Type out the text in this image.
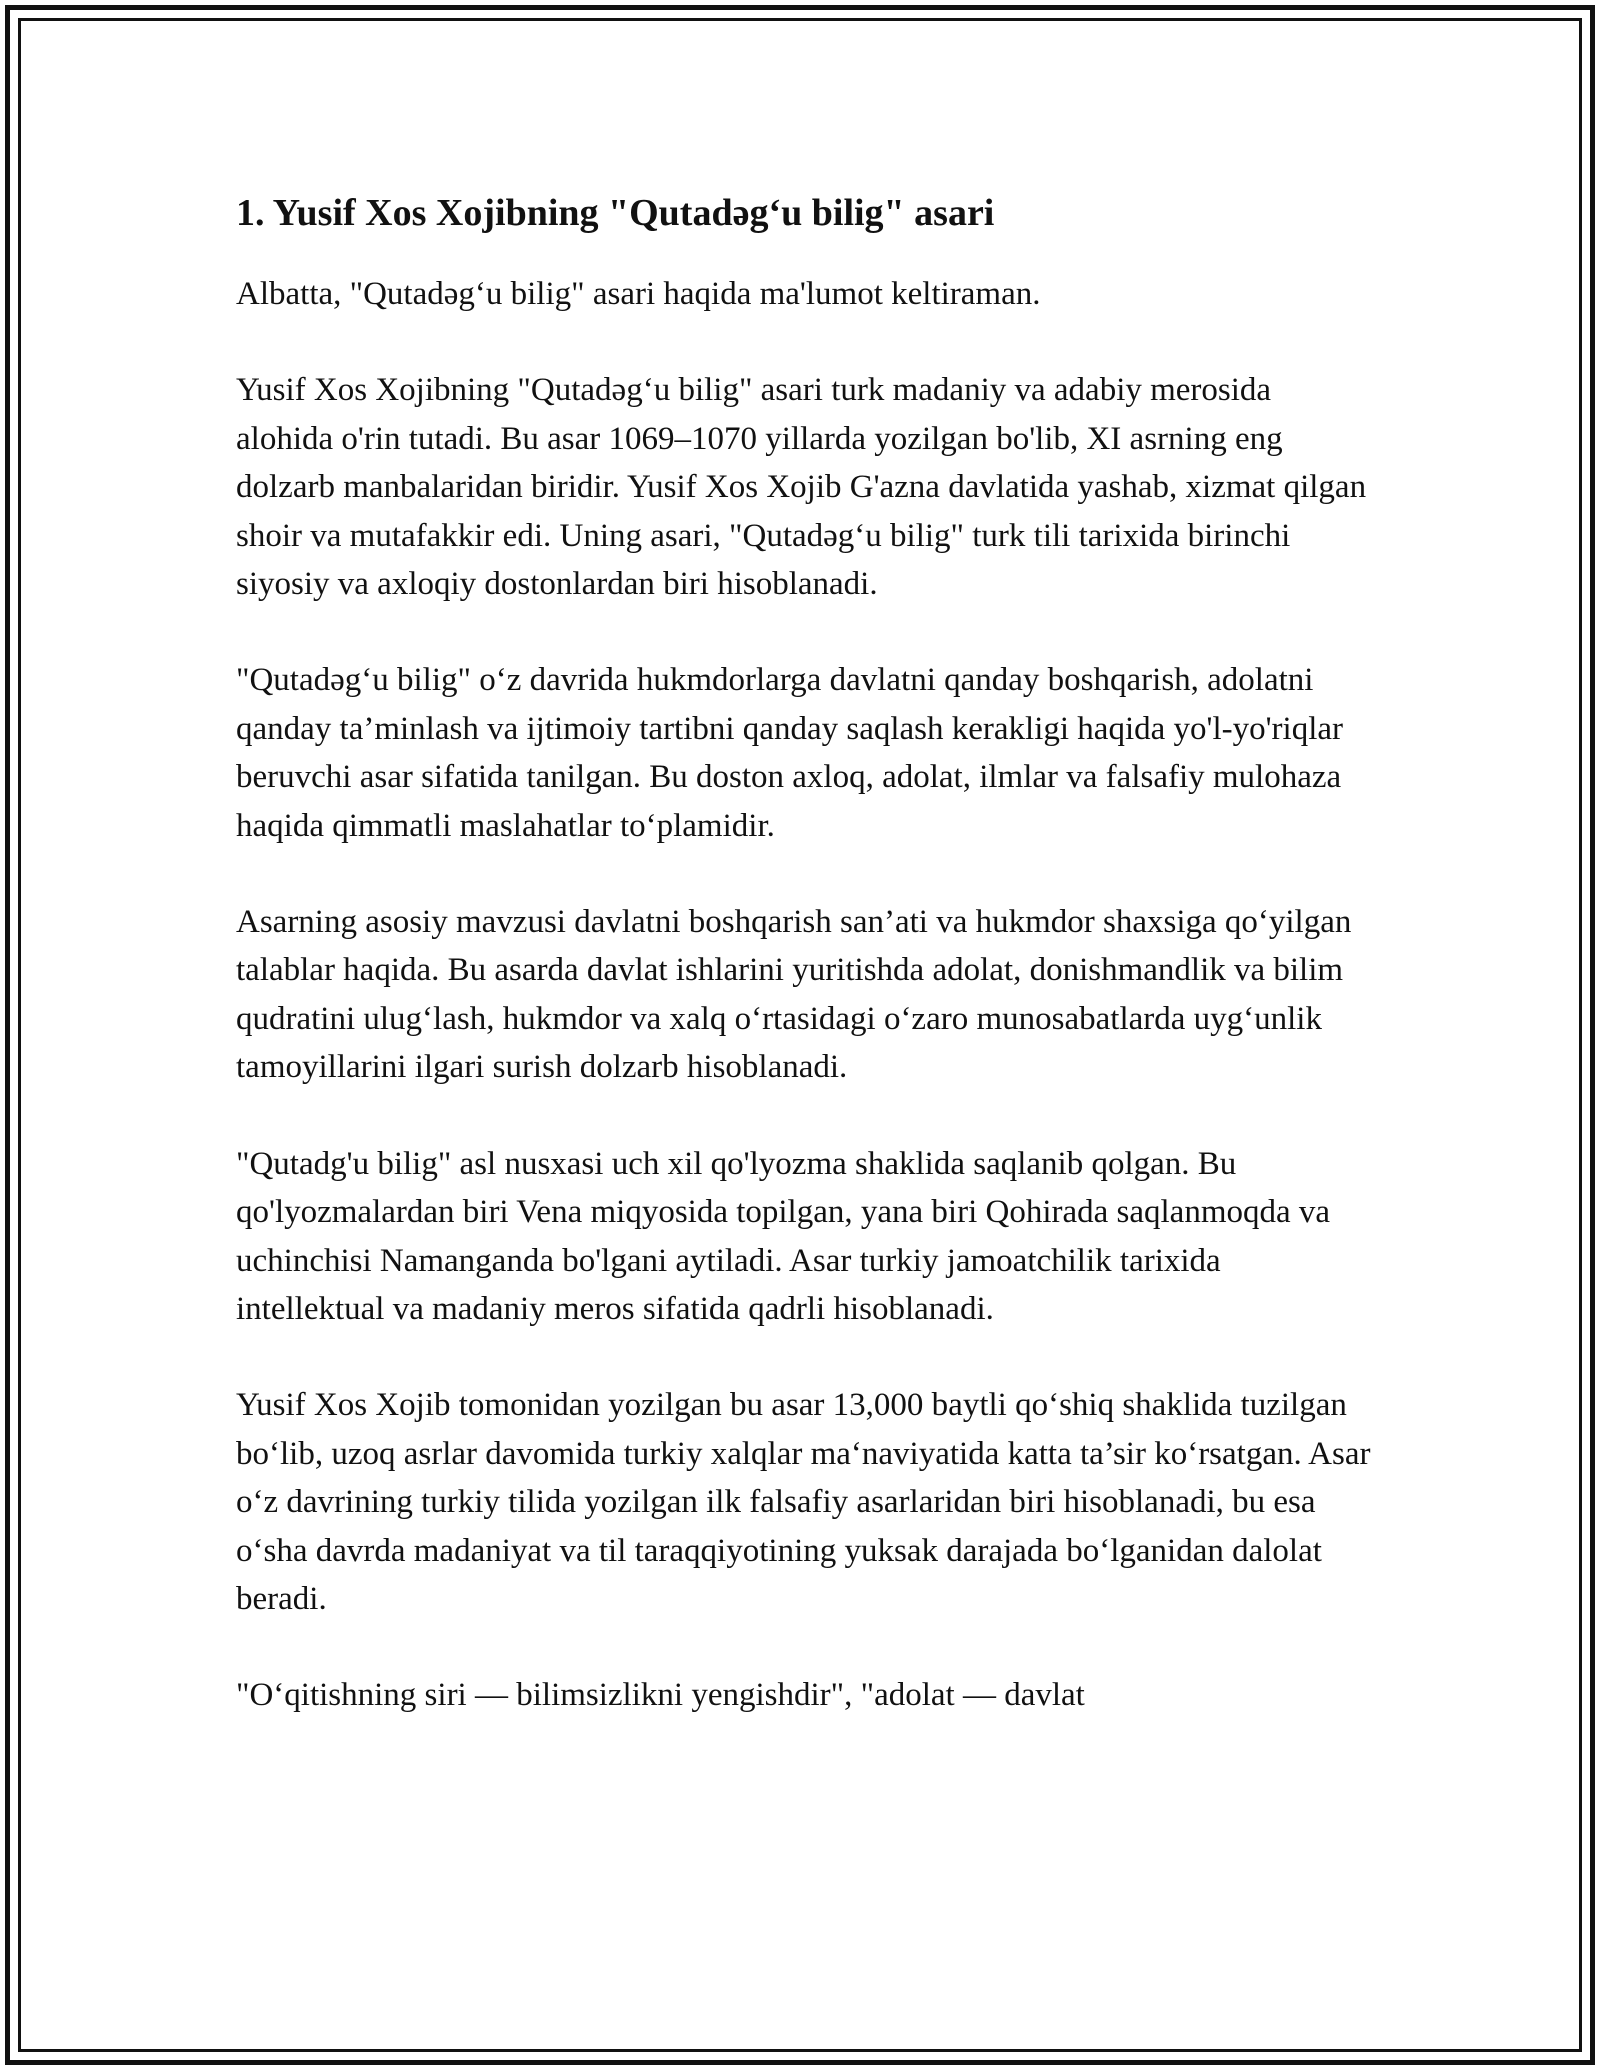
1. Yusif Xos Xojibning "Qutadəg‘u bilig" asari

Albatta, "Qutadəg‘u bilig" asari haqida ma'lumot keltiraman.

Yusif Xos Xojibning "Qutadəg‘u bilig" asari turk madaniy va adabiy merosida alohida o'rin tutadi. Bu asar 1069–1070 yillarda yozilgan bo'lib, XI asrning eng dolzarb manbalaridan biridir. Yusif Xos Xojib G'azna davlatida yashab, xizmat qilgan shoir va mutafakkir edi. Uning asari, "Qutadəg‘u bilig" turk tili tarixida birinchi siyosiy va axloqiy dostonlardan biri hisoblanadi.

"Qutadəg‘u bilig" o‘z davrida hukmdorlarga davlatni qanday boshqarish, adolatni qanday ta’minlash va ijtimoiy tartibni qanday saqlash kerakligi haqida yo'l-yo'riqlar beruvchi asar sifatida tanilgan. Bu doston axloq, adolat, ilmlar va falsafiy mulohaza haqida qimmatli maslahatlar to‘plamidir.

Asarning asosiy mavzusi davlatni boshqarish san’ati va hukmdor shaxsiga qo‘yilgan talablar haqida. Bu asarda davlat ishlarini yuritishda adolat, donishmandlik va bilim qudratini ulug‘lash, hukmdor va xalq o‘rtasidagi o‘zaro munosabatlarda uyg‘unlik tamoyillarini ilgari surish dolzarb hisoblanadi.

"Qutadg'u bilig" asl nusxasi uch xil qo'lyozma shaklida saqlanib qolgan. Bu qo'lyozmalardan biri Vena miqyosida topilgan, yana biri Qohirada saqlanmoqda va uchinchisi Namanganda bo'lgani aytiladi. Asar turkiy jamoatchilik tarixida intellektual va madaniy meros sifatida qadrli hisoblanadi.

Yusif Xos Xojib tomonidan yozilgan bu asar 13,000 baytli qo‘shiq shaklida tuzilgan bo‘lib, uzoq asrlar davomida turkiy xalqlar ma‘naviyatida katta ta’sir ko‘rsatgan. Asar o‘z davrining turkiy tilida yozilgan ilk falsafiy asarlaridan biri hisoblanadi, bu esa o‘sha davrda madaniyat va til taraqqiyotining yuksak darajada bo‘lganidan dalolat beradi.

"O‘qitishning siri — bilimsizlikni yengishdir", "adolat — davlat
